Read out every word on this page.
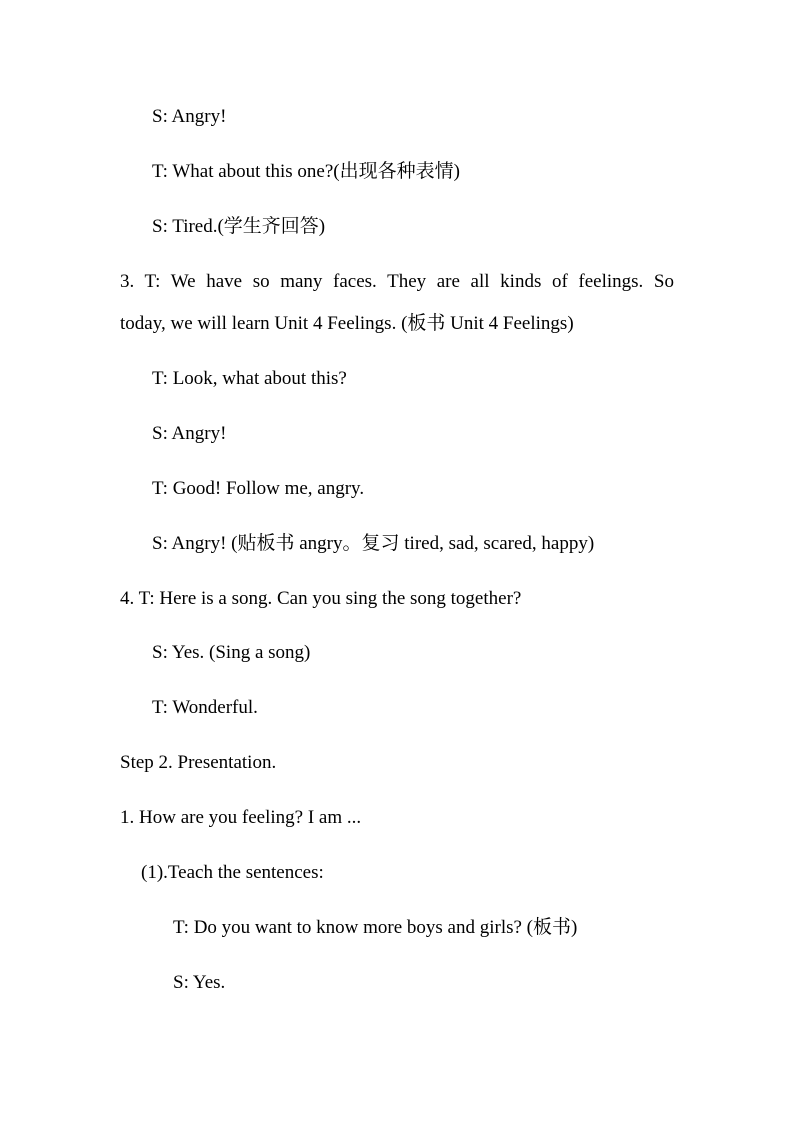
S: Angry!
T: What about this one?(出现各种表情)
S: Tired.(学生齐回答)
3. T: We have so many faces. They are all kinds of feelings. So
today, we will learn Unit 4 Feelings. (板书 Unit 4 Feelings)
T: Look, what about this?
S: Angry!
T: Good! Follow me, angry.
S: Angry! (贴板书 angry。复习 tired, sad, scared, happy)
4. T: Here is a song. Can you sing the song together?
S: Yes. (Sing a song)
T: Wonderful.
Step 2. Presentation.
1. How are you feeling? I am ...
(1).Teach the sentences:
T: Do you want to know more boys and girls? (板书)
S: Yes.
